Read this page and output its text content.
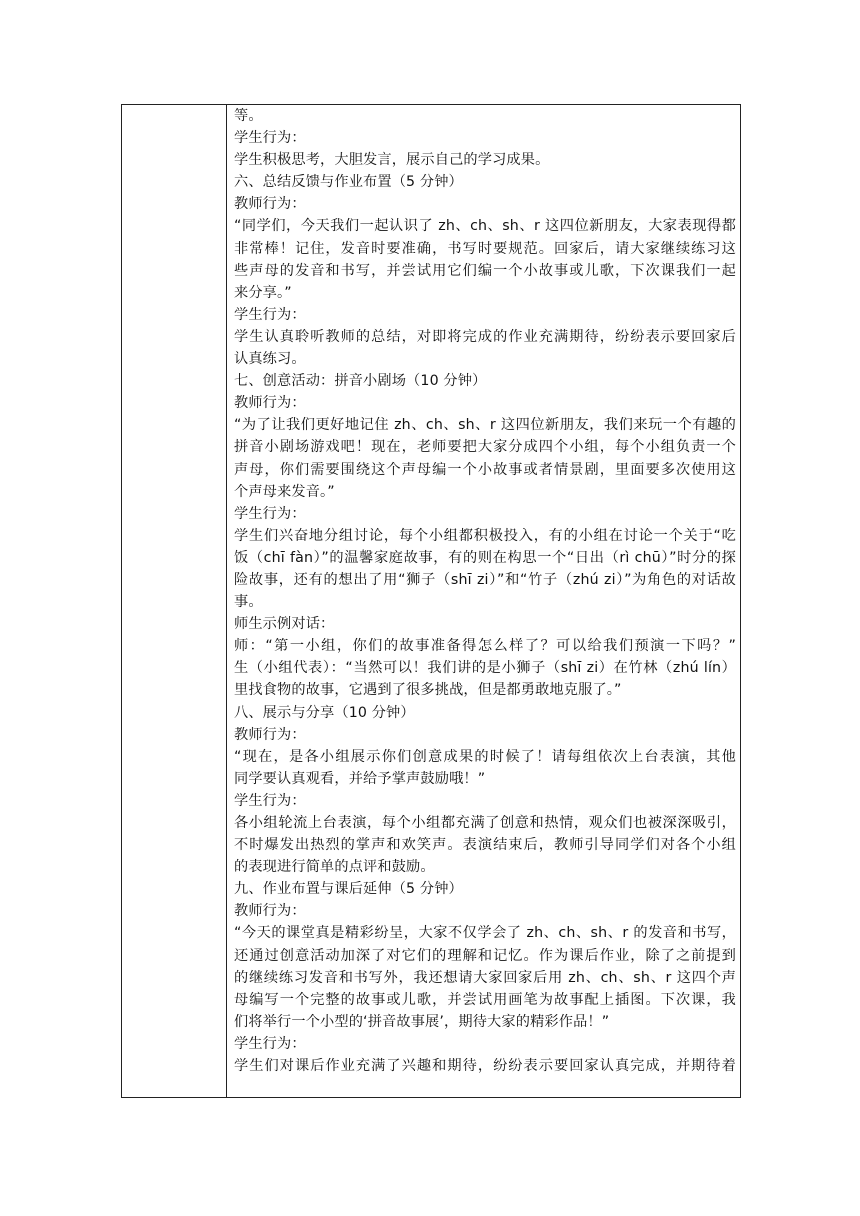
等。
学生行为：
学生积极思考，大胆发言，展示自己的学习成果。
六、总结反馈与作业布置（5 分钟）
教师行为：
“同学们，今天我们一起认识了 zh、ch、sh、r 这四位新朋友，大家表现得都
非常棒！记住，发音时要准确，书写时要规范。回家后，请大家继续练习这
些声母的发音和书写，并尝试用它们编一个小故事或儿歌，下次课我们一起
来分享。”
学生行为：
学生认真聆听教师的总结，对即将完成的作业充满期待，纷纷表示要回家后
认真练习。
七、创意活动：拼音小剧场（10 分钟）
教师行为：
“为了让我们更好地记住 zh、ch、sh、r 这四位新朋友，我们来玩一个有趣的
拼音小剧场游戏吧！现在，老师要把大家分成四个小组，每个小组负责一个
声母，你们需要围绕这个声母编一个小故事或者情景剧，里面要多次使用这
个声母来发音。”
学生行为：
学生们兴奋地分组讨论，每个小组都积极投入，有的小组在讨论一个关于“吃
饭（chī fàn）”的温馨家庭故事，有的则在构思一个“日出（rì chū）”时分的探
险故事，还有的想出了用“狮子（shī zi）”和“竹子（zhú zi）”为角色的对话故
事。
师生示例对话：
师：“第一小组，你们的故事准备得怎么样了？可以给我们预演一下吗？”
生（小组代表）：“当然可以！我们讲的是小狮子（shī zi）在竹林（zhú lín）
里找食物的故事，它遇到了很多挑战，但是都勇敢地克服了。”
八、展示与分享（10 分钟）
教师行为：
“现在，是各小组展示你们创意成果的时候了！请每组依次上台表演，其他
同学要认真观看，并给予掌声鼓励哦！”
学生行为：
各小组轮流上台表演，每个小组都充满了创意和热情，观众们也被深深吸引，
不时爆发出热烈的掌声和欢笑声。表演结束后，教师引导同学们对各个小组
的表现进行简单的点评和鼓励。
九、作业布置与课后延伸（5 分钟）
教师行为：
“今天的课堂真是精彩纷呈，大家不仅学会了 zh、ch、sh、r 的发音和书写，
还通过创意活动加深了对它们的理解和记忆。作为课后作业，除了之前提到
的继续练习发音和书写外，我还想请大家回家后用 zh、ch、sh、r 这四个声
母编写一个完整的故事或儿歌，并尝试用画笔为故事配上插图。下次课，我
们将举行一个小型的‘拼音故事展’，期待大家的精彩作品！”
学生行为：
学生们对课后作业充满了兴趣和期待，纷纷表示要回家认真完成，并期待着
